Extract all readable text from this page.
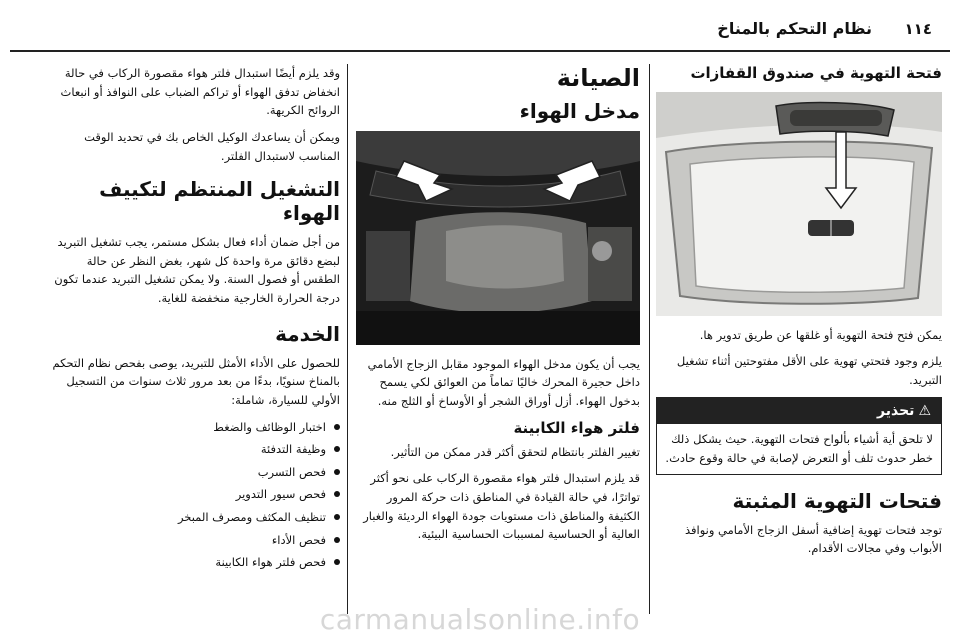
١١٤
نظام التحكم بالمناخ
فتحة التهوية في صندوق القفازات

يمكن فتح فتحة التهوية أو غلقها عن طريق تدوير ها.

يلزم وجود فتحتي تهوية على الأقل مفتوحتين أثناء تشغيل التبريد.

⚠
تحذير
لا تلحق أية أشياء بألواح فتحات التهوية. حيث يشكل ذلك خطر حدوث تلف أو التعرض لإصابة في حالة وقوع حادث.
فتحات التهوية المثبتة

توجد فتحات تهوية إضافية أسفل الزجاج الأمامي ونوافذ الأبواب وفي مجالات الأقدام.

الصيانة
مدخل الهواء

يجب أن يكون مدخل الهواء الموجود مقابل الزجاج الأمامي داخل حجيرة المحرك خاليًا تماماً من العوائق لكي يسمح بدخول الهواء. أزل أوراق الشجر أو الأوساخ أو الثلج منه.

فلتر هواء الكابينة

تغيير الفلتر بانتظام لتحقق أكثر قدر ممكن من التأثير.

قد يلزم استبدال فلتر هواء مقصورة الركاب على نحو أكثر تواترًا، في حالة القيادة في المناطق ذات حركة المرور الكثيفة والمناطق ذات مستويات جودة الهواء الرديئة والغبار العالية أو الحساسية لمسببات الحساسية البيئية.

وقد يلزم أيضًا استبدال فلتر هواء مقصورة الركاب في حالة انخفاض تدفق الهواء أو تراكم الضباب على النوافذ أو انبعاث الروائح الكريهة.

ويمكن أن يساعدك الوكيل الخاص بك في تحديد الوقت المناسب لاستبدال الفلتر.

التشغيل المنتظم لتكييف الهواء

من أجل ضمان أداء فعال بشكل مستمر، يجب تشغيل التبريد لبضع دقائق مرة واحدة كل شهر، بغض النظر عن حالة الطقس أو فصول السنة. ولا يمكن تشغيل التبريد عندما تكون درجة الحرارة الخارجية منخفضة للغاية.

الخدمة

للحصول على الأداء الأمثل للتبريد، يوصى بفحص نظام التحكم بالمناخ سنويًا، بدءًا من بعد مرور ثلاث سنوات من التسجيل الأولي للسيارة، شاملة:

اختبار الوظائف والضغط
وظيفة التدفئة
فحص التسرب
فحص سيور التدوير
تنظيف المكثف ومصرف المبخر
فحص الأداء
فحص فلتر هواء الكابينة
carmanualsonline.info
